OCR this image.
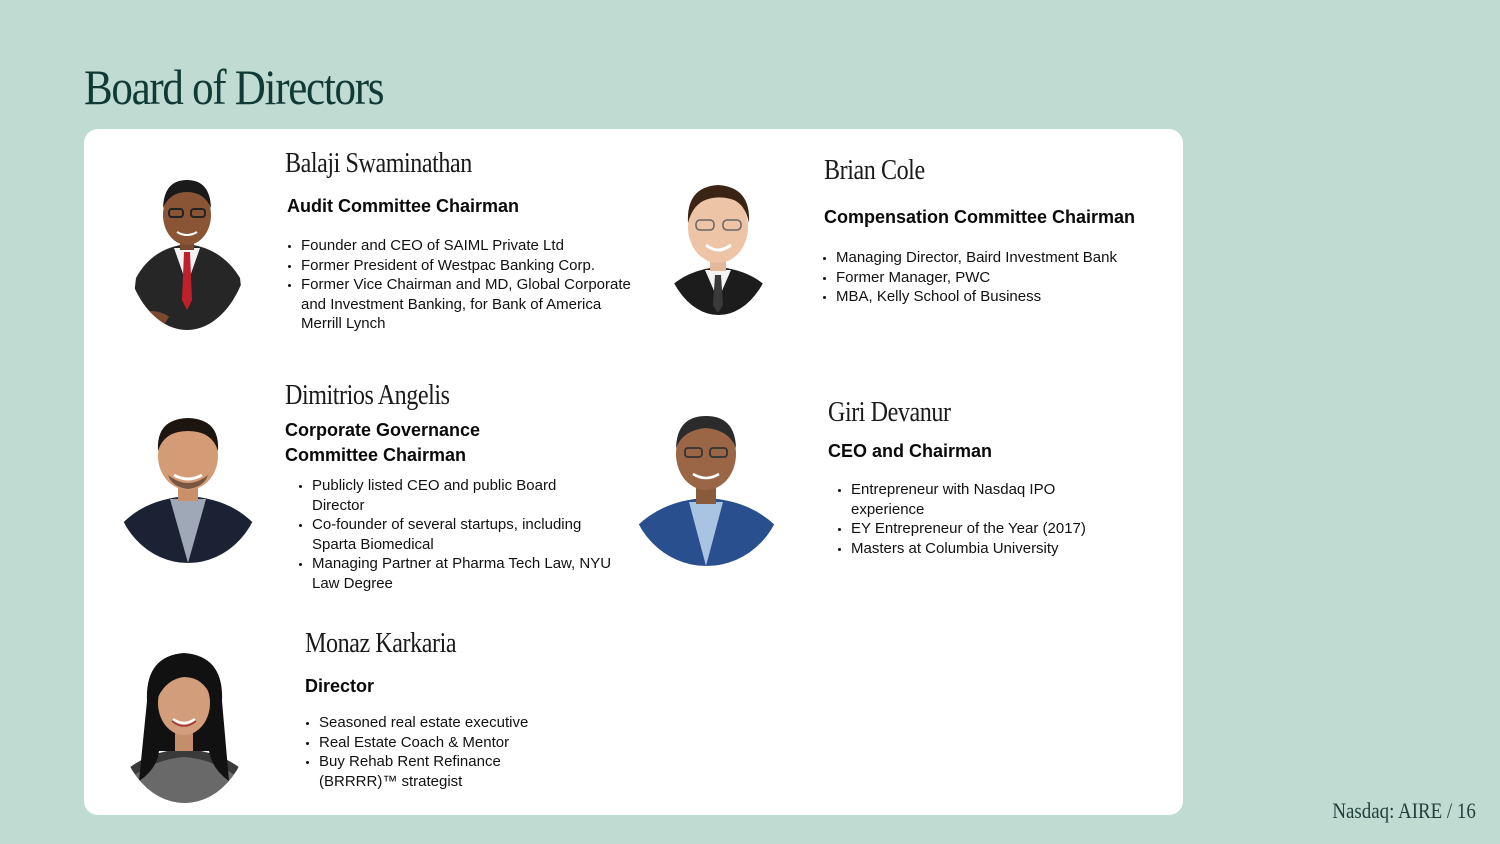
Board of Directors
Balaji Swaminathan
Audit Committee Chairman
• Founder and CEO of SAIML Private Ltd
• Former President of Westpac Banking Corp.
• Former Vice Chairman and MD, Global Corporate and Investment Banking, for Bank of America Merrill Lynch
Brian Cole
Compensation Committee Chairman
• Managing Director, Baird Investment Bank
• Former Manager, PWC
• MBA, Kelly School of Business
Dimitrios Angelis
Corporate Governance Committee Chairman
• Publicly listed CEO and public Board Director
• Co-founder of several startups, including Sparta Biomedical
• Managing Partner at Pharma Tech Law, NYU Law Degree
Giri Devanur
CEO and Chairman
• Entrepreneur with Nasdaq IPO experience
• EY Entrepreneur of the Year (2017)
• Masters at Columbia University
Monaz Karkaria
Director
• Seasoned real estate executive
• Real Estate Coach & Mentor
• Buy Rehab Rent Refinance (BRRRR)™ strategist
Nasdaq: AIRE / 16
